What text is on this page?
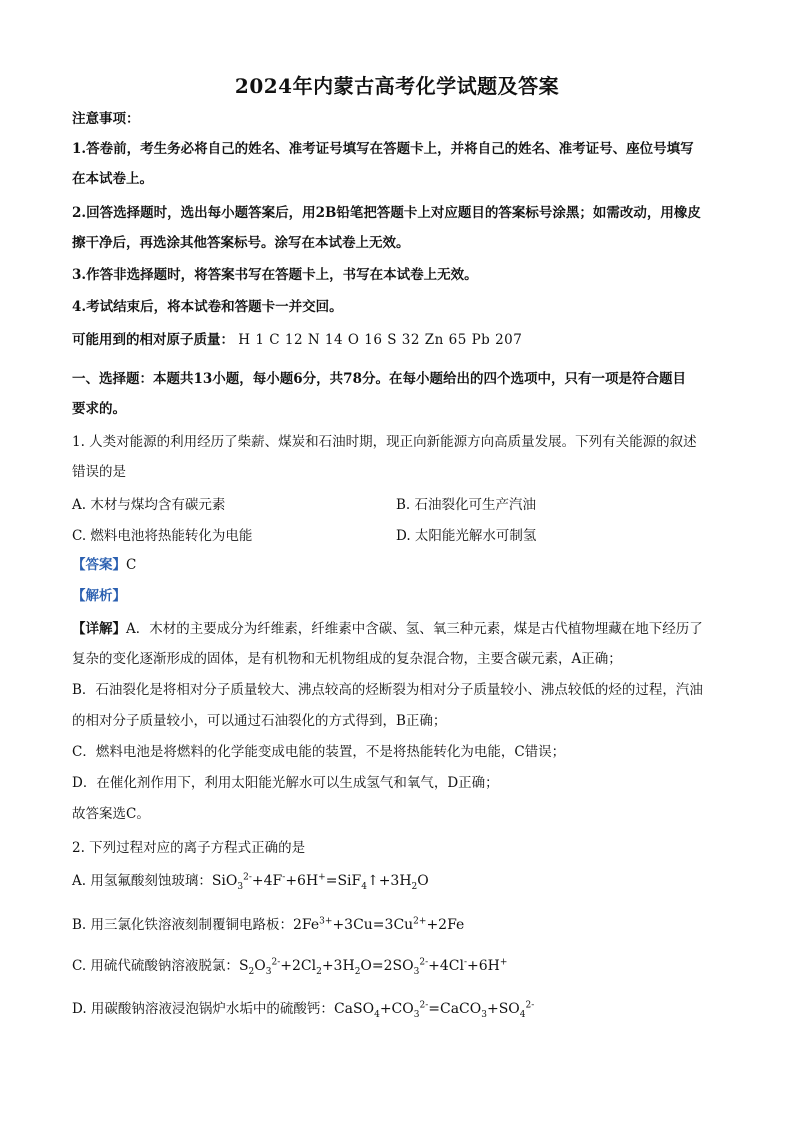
2024年内蒙古高考化学试题及答案
注意事项：
1.答卷前，考生务必将自己的姓名、准考证号填写在答题卡上，并将自己的姓名、准考证号、座位号填写
在本试卷上。
2.回答选择题时，选出每小题答案后，用2B铅笔把答题卡上对应题目的答案标号涂黑；如需改动，用橡皮
擦干净后，再选涂其他答案标号。涂写在本试卷上无效。
3.作答非选择题时，将答案书写在答题卡上，书写在本试卷上无效。
4.考试结束后，将本试卷和答题卡一并交回。
可能用到的相对原子质量： H 1 C 12 N 14 O 16 S 32 Zn 65 Pb 207
一、选择题：本题共13小题，每小题6分，共78分。在每小题给出的四个选项中，只有一项是符合题目
要求的。
1. 人类对能源的利用经历了柴薪、煤炭和石油时期，现正向新能源方向高质量发展。下列有关能源的叙述
错误的是
A. 木材与煤均含有碳元素	B. 石油裂化可生产汽油
C. 燃料电池将热能转化为电能	D. 太阳能光解水可制氢
【答案】C
【解析】
【详解】A．木材的主要成分为纤维素，纤维素中含碳、氢、氧三种元素，煤是古代植物埋藏在地下经历了
复杂的变化逐渐形成的固体，是有机物和无机物组成的复杂混合物，主要含碳元素，A正确；
B．石油裂化是将相对分子质量较大、沸点较高的烃断裂为相对分子质量较小、沸点较低的烃的过程，汽油
的相对分子质量较小，可以通过石油裂化的方式得到，B正确；
C．燃料电池是将燃料的化学能变成电能的装置，不是将热能转化为电能，C错误；
D．在催化剂作用下，利用太阳能光解水可以生成氢气和氧气，D正确；
故答案选C。
2. 下列过程对应的离子方程式正确的是
A. 用氢氟酸刻蚀玻璃：$SiO_3^{2-}+4F^-+6H^+=SiF_4↑+3H_2O$
B. 用三氯化铁溶液刻制覆铜电路板：$2Fe^{3+}+3Cu=3Cu^{2+}+2Fe$
C. 用硫代硫酸钠溶液脱氯：$S_2O_3^{2-}+2Cl_2+3H_2O=2SO_3^{2-}+4Cl^-+6H^+$
D. 用碳酸钠溶液浸泡锅炉水垢中的硫酸钙：$CaSO_4+CO_3^{2-}=CaCO_3+SO_4^{2-}$
